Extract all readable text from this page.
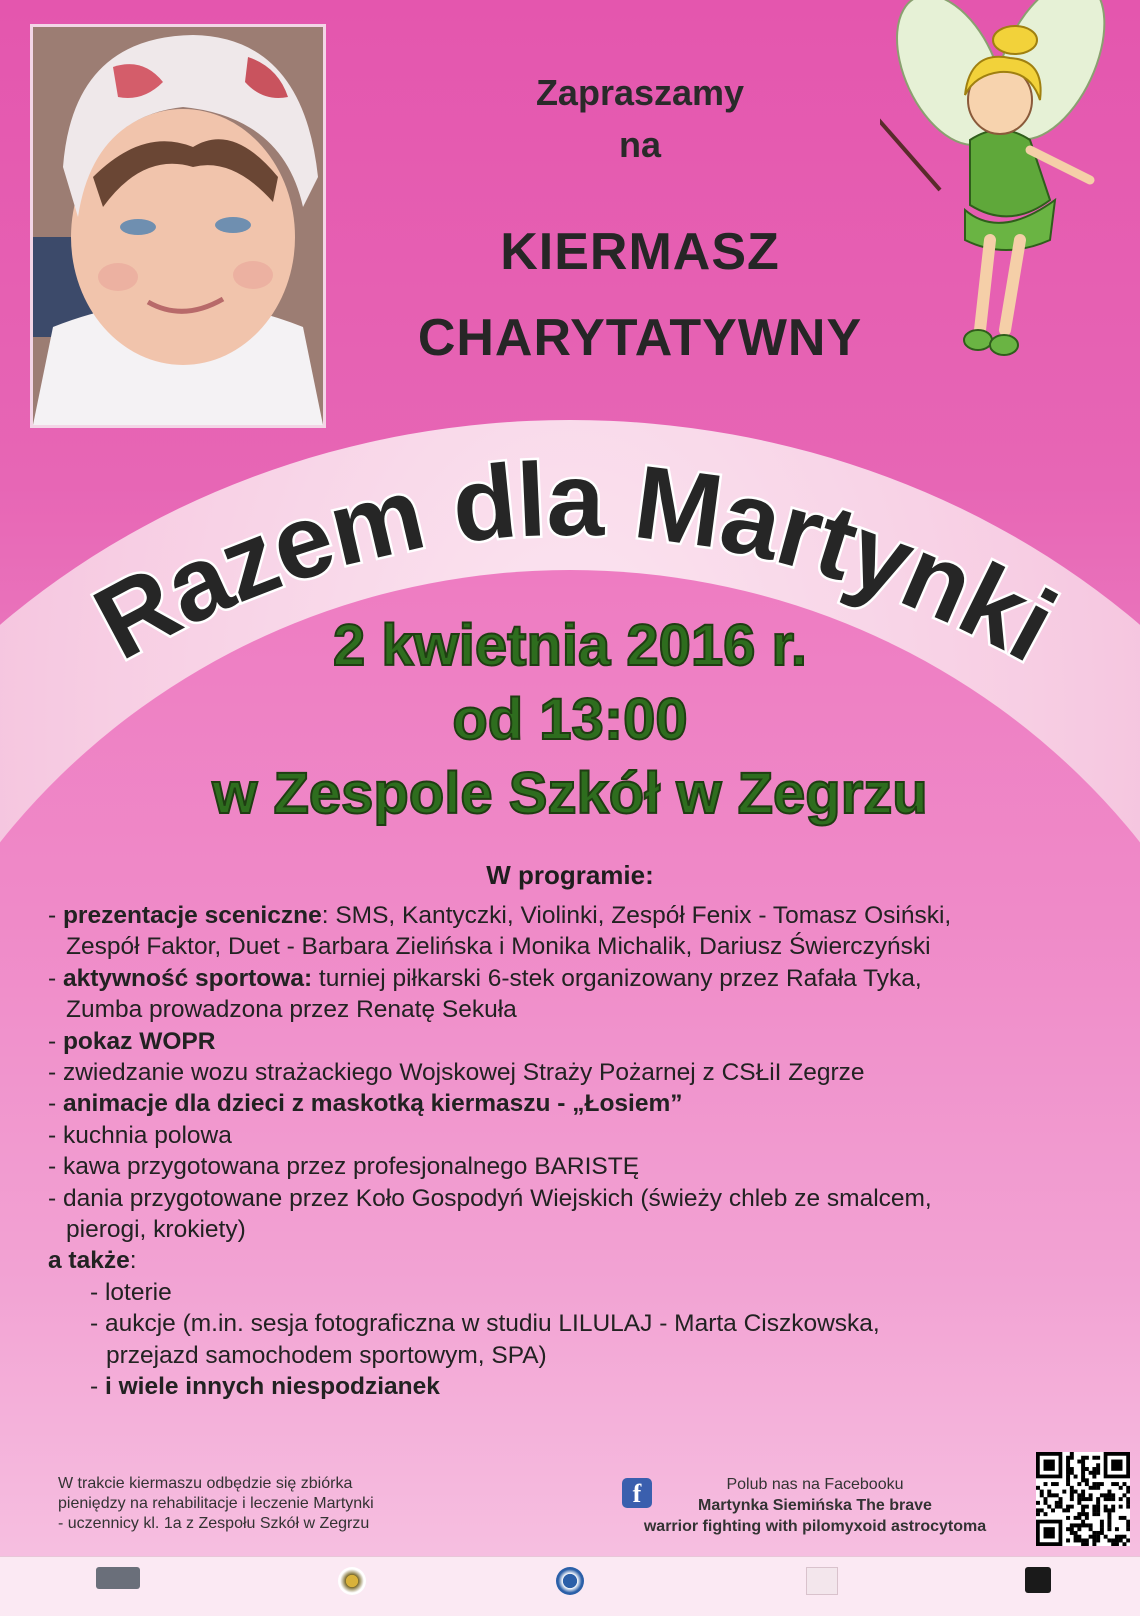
Zapraszamy
na
KIERMASZ
CHARYTATYWNY
Razem dla Martynki
2 kwietnia 2016 r.
od 13:00
w Zespole Szkół w Zegrzu
W programie:
- prezentacje sceniczne: SMS, Kantyczki, Violinki, Zespół Fenix - Tomasz Osiński,
Zespół Faktor, Duet - Barbara Zielińska i Monika Michalik, Dariusz Świerczyński
- aktywność sportowa: turniej piłkarski 6-stek organizowany przez Rafała Tyka,
Zumba prowadzona przez Renatę Sekuła
- pokaz WOPR
- zwiedzanie wozu strażackiego Wojskowej Straży Pożarnej z CSŁiI Zegrze
- animacje dla dzieci z maskotką kiermaszu - „Łosiem”
- kuchnia polowa
- kawa przygotowana przez profesjonalnego BARISTĘ
- dania przygotowane przez Koło Gospodyń Wiejskich (świeży chleb ze smalcem,
pierogi, krokiety)
a także:
- loterie
- aukcje (m.in. sesja fotograficzna w studiu LILULAJ - Marta Ciszkowska,
przejazd samochodem sportowym, SPA)
- i wiele innych niespodzianek
W trakcie kiermaszu odbędzie się zbiórka
pieniędzy na rehabilitacje i leczenie Martynki
- uczennicy kl. 1a z Zespołu Szkół w Zegrzu
f	Polub nas na Facebooku
Martynka Siemińska The brave
warrior fighting with pilomyxoid astrocytoma
